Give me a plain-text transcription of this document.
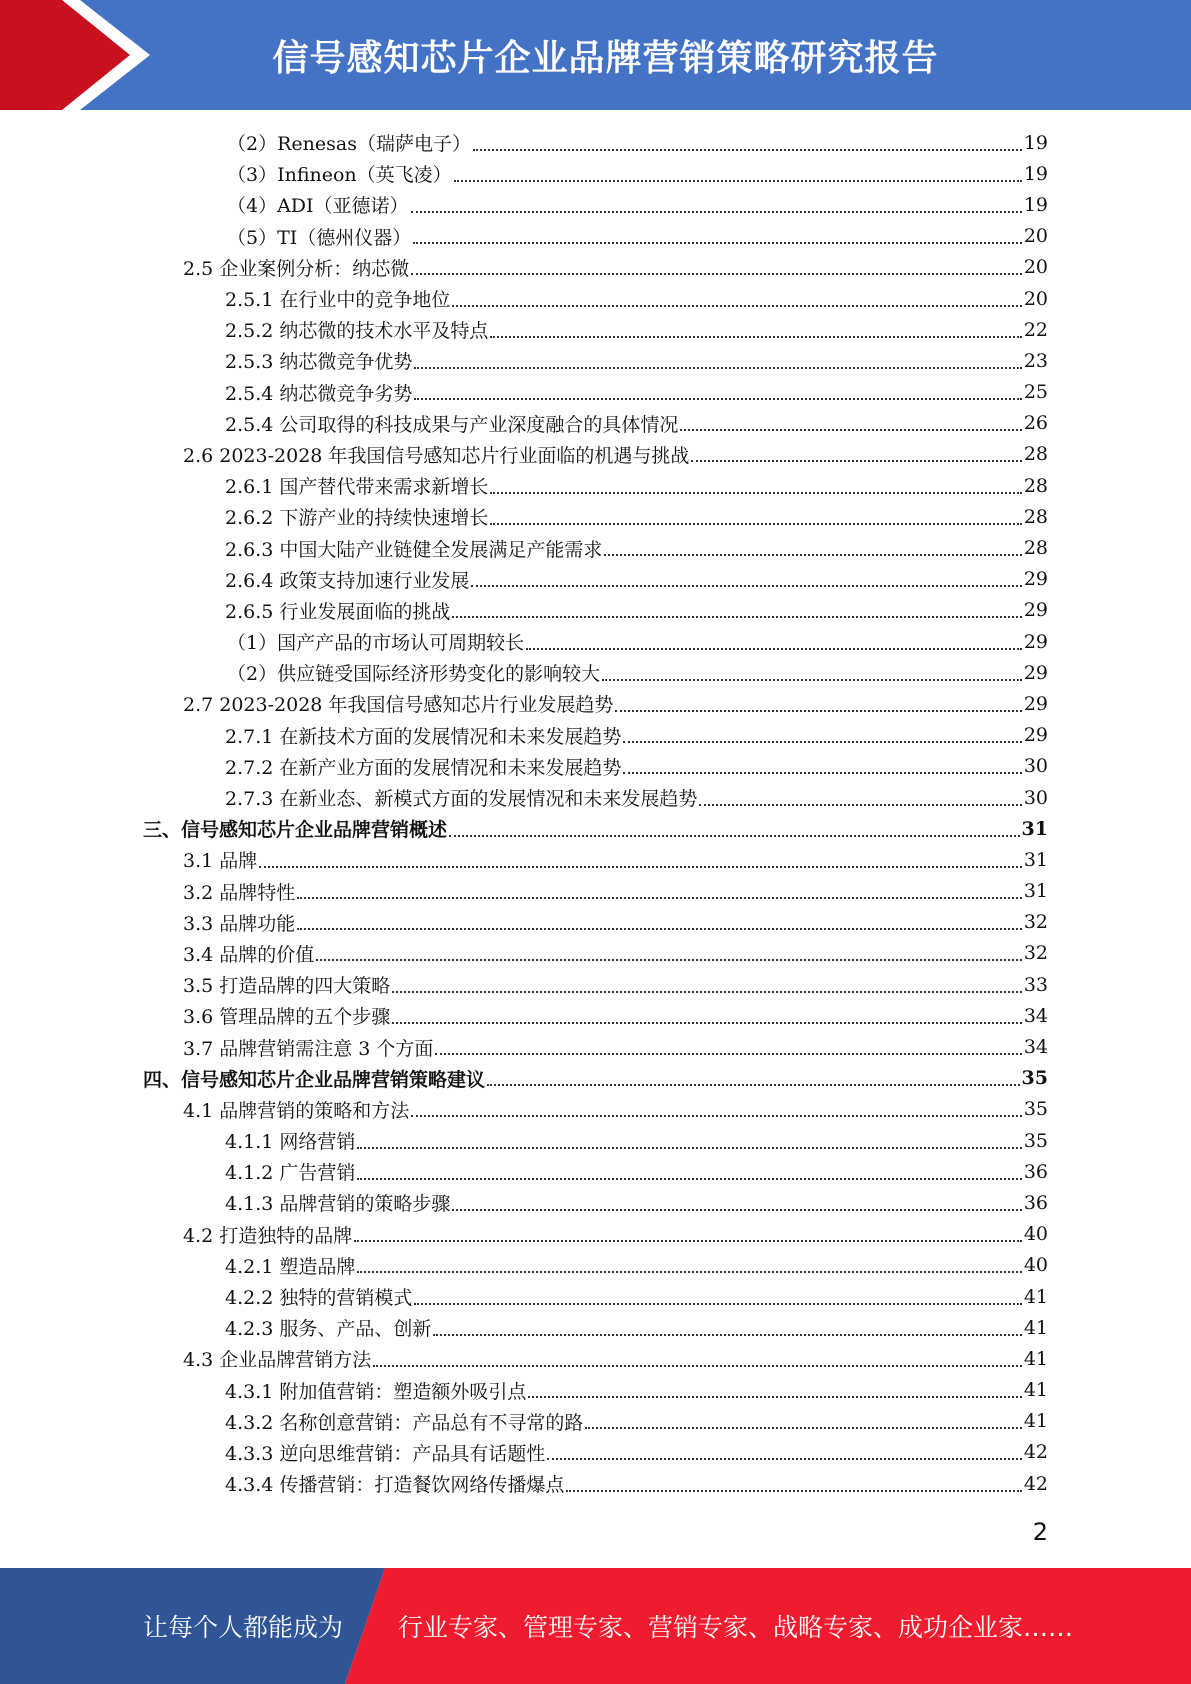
信号感知芯片企业品牌营销策略研究报告
（2）Renesas（瑞萨电子）	19
（3）Infineon（英飞凌）	19
（4）ADI（亚德诺）	19
（5）TI（德州仪器）	20
2.5 企业案例分析：纳芯微	20
2.5.1 在行业中的竞争地位	20
2.5.2 纳芯微的技术水平及特点	22
2.5.3 纳芯微竞争优势	23
2.5.4 纳芯微竞争劣势	25
2.5.4 公司取得的科技成果与产业深度融合的具体情况	26
2.6 2023-2028 年我国信号感知芯片行业面临的机遇与挑战	28
2.6.1 国产替代带来需求新增长	28
2.6.2 下游产业的持续快速增长	28
2.6.3 中国大陆产业链健全发展满足产能需求	28
2.6.4 政策支持加速行业发展	29
2.6.5 行业发展面临的挑战	29
（1）国产产品的市场认可周期较长	29
（2）供应链受国际经济形势变化的影响较大	29
2.7 2023-2028 年我国信号感知芯片行业发展趋势	29
2.7.1 在新技术方面的发展情况和未来发展趋势	29
2.7.2 在新产业方面的发展情况和未来发展趋势	30
2.7.3 在新业态、新模式方面的发展情况和未来发展趋势	30
三、信号感知芯片企业品牌营销概述	31
3.1 品牌	31
3.2 品牌特性	31
3.3 品牌功能	32
3.4 品牌的价值	32
3.5 打造品牌的四大策略	33
3.6 管理品牌的五个步骤	34
3.7 品牌营销需注意 3 个方面	34
四、信号感知芯片企业品牌营销策略建议	35
4.1 品牌营销的策略和方法	35
4.1.1 网络营销	35
4.1.2 广告营销	36
4.1.3 品牌营销的策略步骤	36
4.2 打造独特的品牌	40
4.2.1 塑造品牌	40
4.2.2 独特的营销模式	41
4.2.3 服务、产品、创新	41
4.3 企业品牌营销方法	41
4.3.1 附加值营销：塑造额外吸引点	41
4.3.2 名称创意营销：产品总有不寻常的路	41
4.3.3 逆向思维营销：产品具有话题性	42
4.3.4 传播营销：打造餐饮网络传播爆点	42
2
让每个人都能成为 行业专家、管理专家、营销专家、战略专家、成功企业家……
